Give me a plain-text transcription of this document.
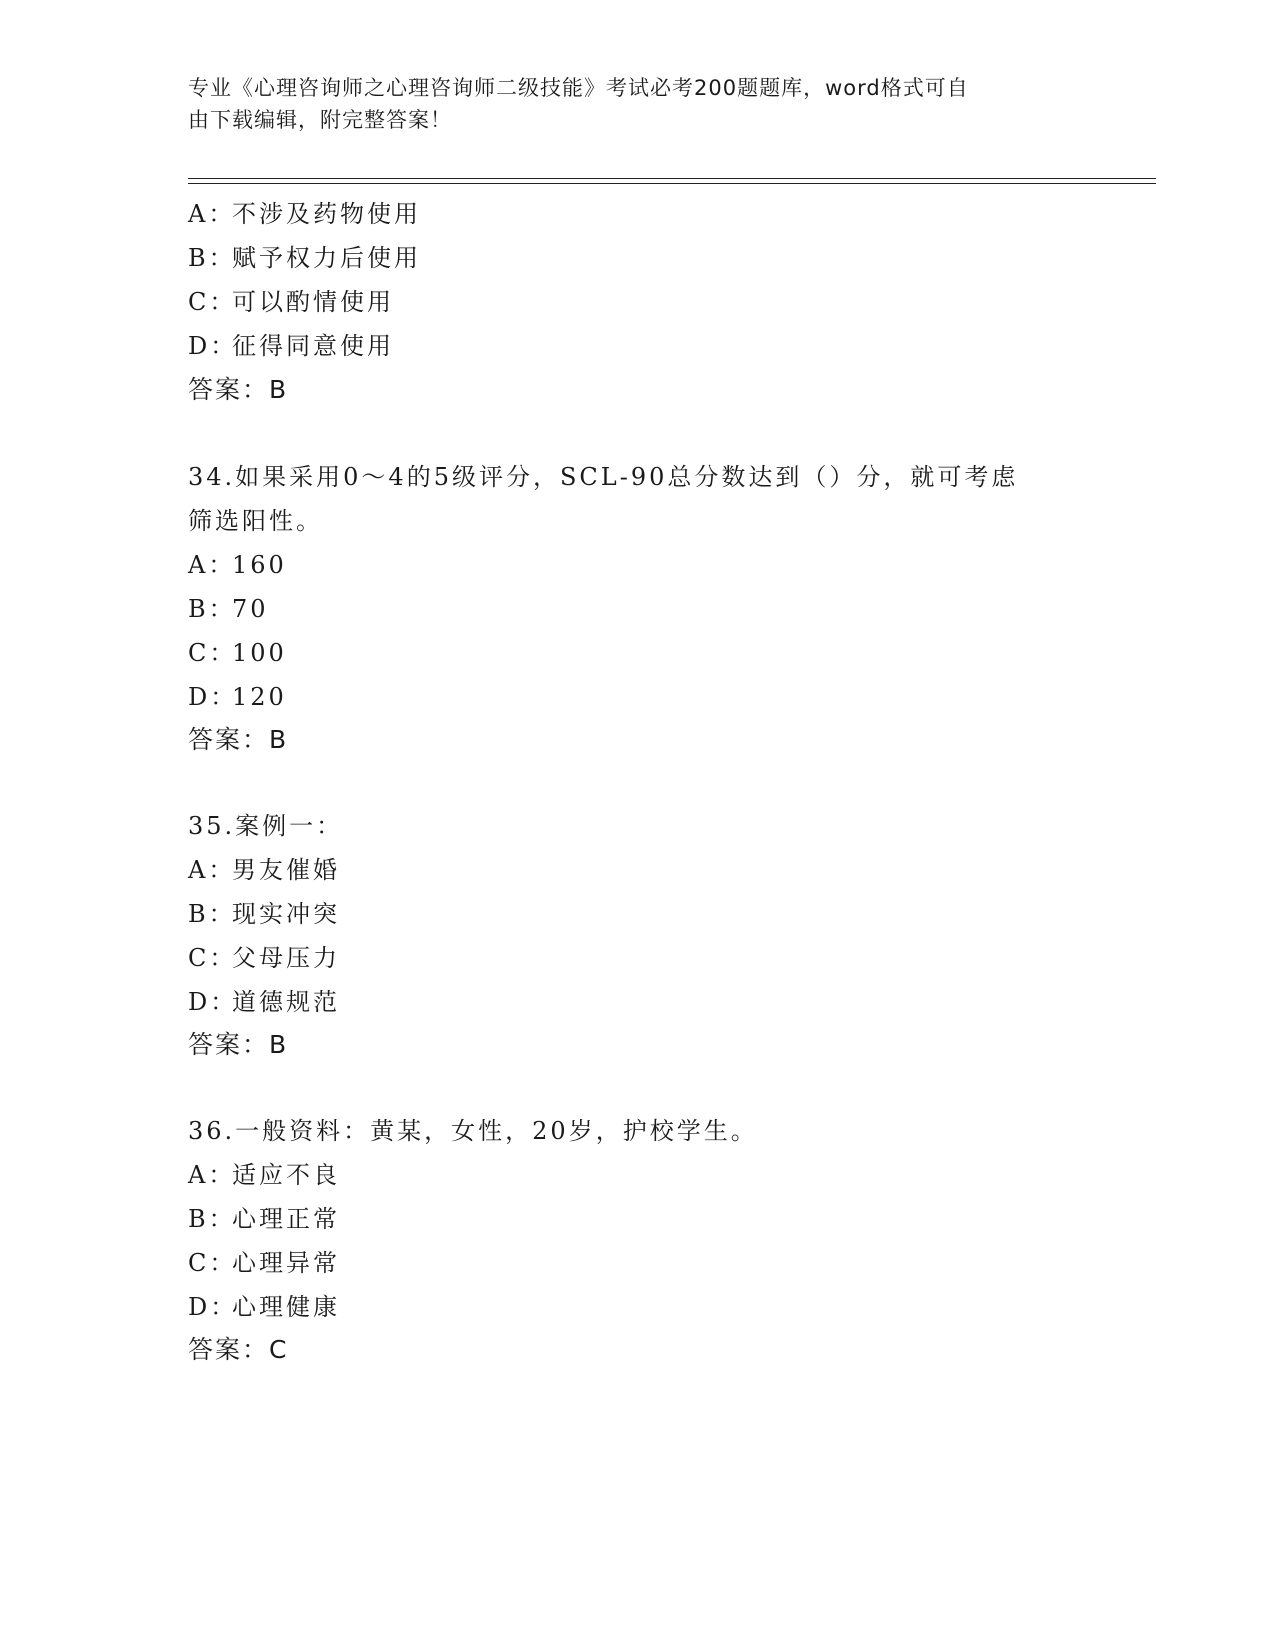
专业《心理咨询师之心理咨询师二级技能》考试必考200题题库，word格式可自
由下载编辑，附完整答案！
A：不涉及药物使用
B：赋予权力后使用
C：可以酌情使用
D：征得同意使用
答案：B
34.如果采用0～4的5级评分，SCL-90总分数达到（）分，就可考虑
筛选阳性。
A：160
B：70
C：100
D：120
答案：B
35.案例一：
A：男友催婚
B：现实冲突
C：父母压力
D：道德规范
答案：B
36.一般资料：黄某，女性，20岁，护校学生。
A：适应不良
B：心理正常
C：心理异常
D：心理健康
答案：C
